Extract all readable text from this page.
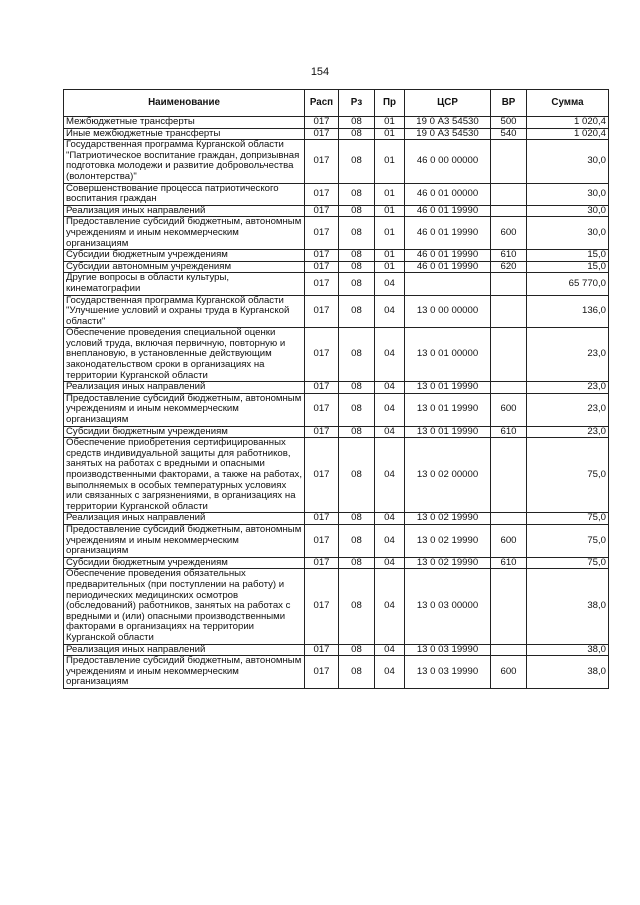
154
Наименование	Расп	Рз	Пр	ЦСР	ВР	Сумма
Межбюджетные трансферты	017	08	01	19 0 А3 54530	500	1 020,4
Иные межбюджетные трансферты	017	08	01	19 0 А3 54530	540	1 020,4
Государственная программа Курганской области "Патриотическое воспитание граждан, допризывная подготовка молодежи и развитие добровольчества (волонтерства)"	017	08	01	46 0 00 00000		30,0
Совершенствование процесса патриотического воспитания граждан	017	08	01	46 0 01 00000		30,0
Реализация иных направлений	017	08	01	46 0 01 19990		30,0
Предоставление субсидий бюджетным, автономным учреждениям и иным некоммерческим организациям	017	08	01	46 0 01 19990	600	30,0
Субсидии бюджетным учреждениям	017	08	01	46 0 01 19990	610	15,0
Субсидии автономным учреждениям	017	08	01	46 0 01 19990	620	15,0
Другие вопросы в области культуры, кинематографии	017	08	04			65 770,0
Государственная программа Курганской области "Улучшение условий и охраны труда в Курганской области"	017	08	04	13 0 00 00000		136,0
Обеспечение проведения специальной оценки условий труда, включая первичную, повторную и внеплановую, в установленные действующим законодательством сроки в организациях на территории Курганской области	017	08	04	13 0 01 00000		23,0
Реализация иных направлений	017	08	04	13 0 01 19990		23,0
Предоставление субсидий бюджетным, автономным учреждениям и иным некоммерческим организациям	017	08	04	13 0 01 19990	600	23,0
Субсидии бюджетным учреждениям	017	08	04	13 0 01 19990	610	23,0
Обеспечение приобретения сертифицированных средств индивидуальной защиты для работников, занятых на работах с вредными и опасными производственными факторами, а также на работах, выполняемых в особых температурных условиях или связанных с загрязнениями, в организациях на территории Курганской области	017	08	04	13 0 02 00000		75,0
Реализация иных направлений	017	08	04	13 0 02 19990		75,0
Предоставление субсидий бюджетным, автономным учреждениям и иным некоммерческим организациям	017	08	04	13 0 02 19990	600	75,0
Субсидии бюджетным учреждениям	017	08	04	13 0 02 19990	610	75,0
Обеспечение проведения обязательных предварительных (при поступлении на работу) и периодических медицинских осмотров (обследований) работников, занятых на работах с вредными и (или) опасными производственными факторами в организациях на территории Курганской области	017	08	04	13 0 03 00000		38,0
Реализация иных направлений	017	08	04	13 0 03 19990		38,0
Предоставление субсидий бюджетным, автономным учреждениям и иным некоммерческим организациям	017	08	04	13 0 03 19990	600	38,0
